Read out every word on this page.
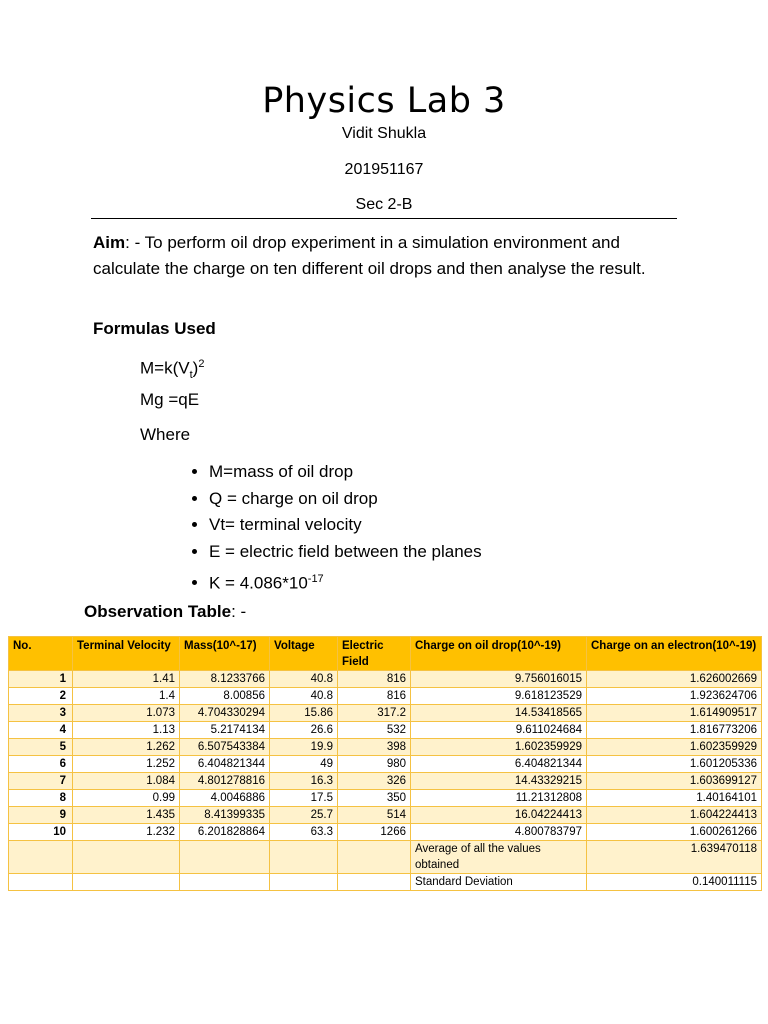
Physics Lab 3
Vidit Shukla
201951167
Sec 2-B
Aim: - To perform oil drop experiment in a simulation environment and calculate the charge on ten different oil drops and then analyse the result.
Formulas Used
$M=k(V_t)^2$
Mg =qE
Where
• M=mass of oil drop
• Q = charge on oil drop
• Vt= terminal velocity
• E = electric field between the planes
• $K = 4.086*10^{-17}$
Observation Table: -
No.	Terminal Velocity	Mass(10^-17)	Voltage	Electric Field	Charge on oil drop(10^-19)	Charge on an electron(10^-19)
1	1.41	8.1233766	40.8	816	9.756016015	1.626002669
2	1.4	8.00856	40.8	816	9.618123529	1.923624706
3	1.073	4.704330294	15.86	317.2	14.53418565	1.614909517
4	1.13	5.2174134	26.6	532	9.611024684	1.816773206
5	1.262	6.507543384	19.9	398	1.602359929	1.602359929
6	1.252	6.404821344	49	980	6.404821344	1.601205336
7	1.084	4.801278816	16.3	326	14.43329215	1.603699127
8	0.99	4.0046886	17.5	350	11.21312808	1.40164101
9	1.435	8.41399335	25.7	514	16.04224413	1.604224413
10	1.232	6.201828864	63.3	1266	4.800783797	1.600261266
					Average of all the values obtained	1.639470118
					Standard Deviation	0.140011115
